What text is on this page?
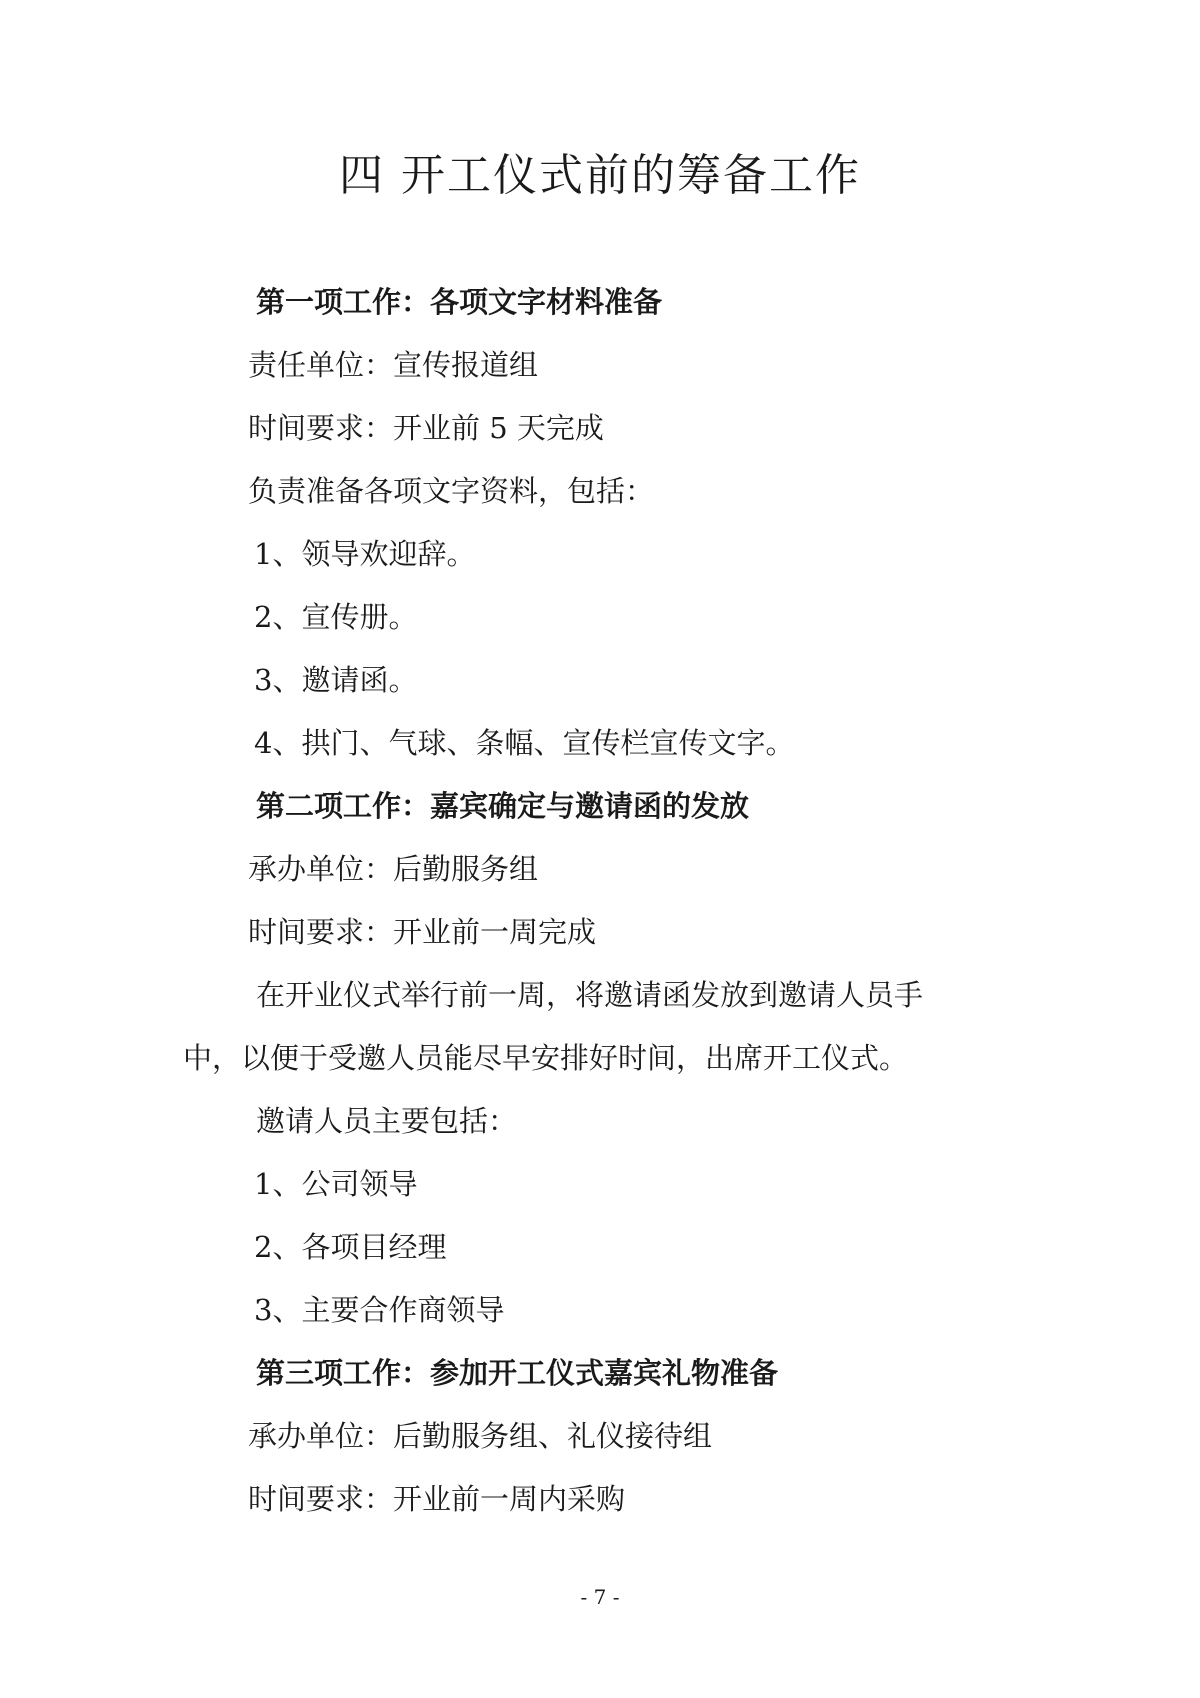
四 开工仪式前的筹备工作
第一项工作：各项文字材料准备
责任单位：宣传报道组
时间要求：开业前 5 天完成
负责准备各项文字资料，包括：
1、领导欢迎辞。
2、宣传册。
3、邀请函。
4、拱门、气球、条幅、宣传栏宣传文字。
第二项工作：嘉宾确定与邀请函的发放
承办单位：后勤服务组
时间要求：开业前一周完成
在开业仪式举行前一周，将邀请函发放到邀请人员手
中，以便于受邀人员能尽早安排好时间，出席开工仪式。
邀请人员主要包括：
1、公司领导
2、各项目经理
3、主要合作商领导
第三项工作：参加开工仪式嘉宾礼物准备
承办单位：后勤服务组、礼仪接待组
时间要求：开业前一周内采购
- 7 -
